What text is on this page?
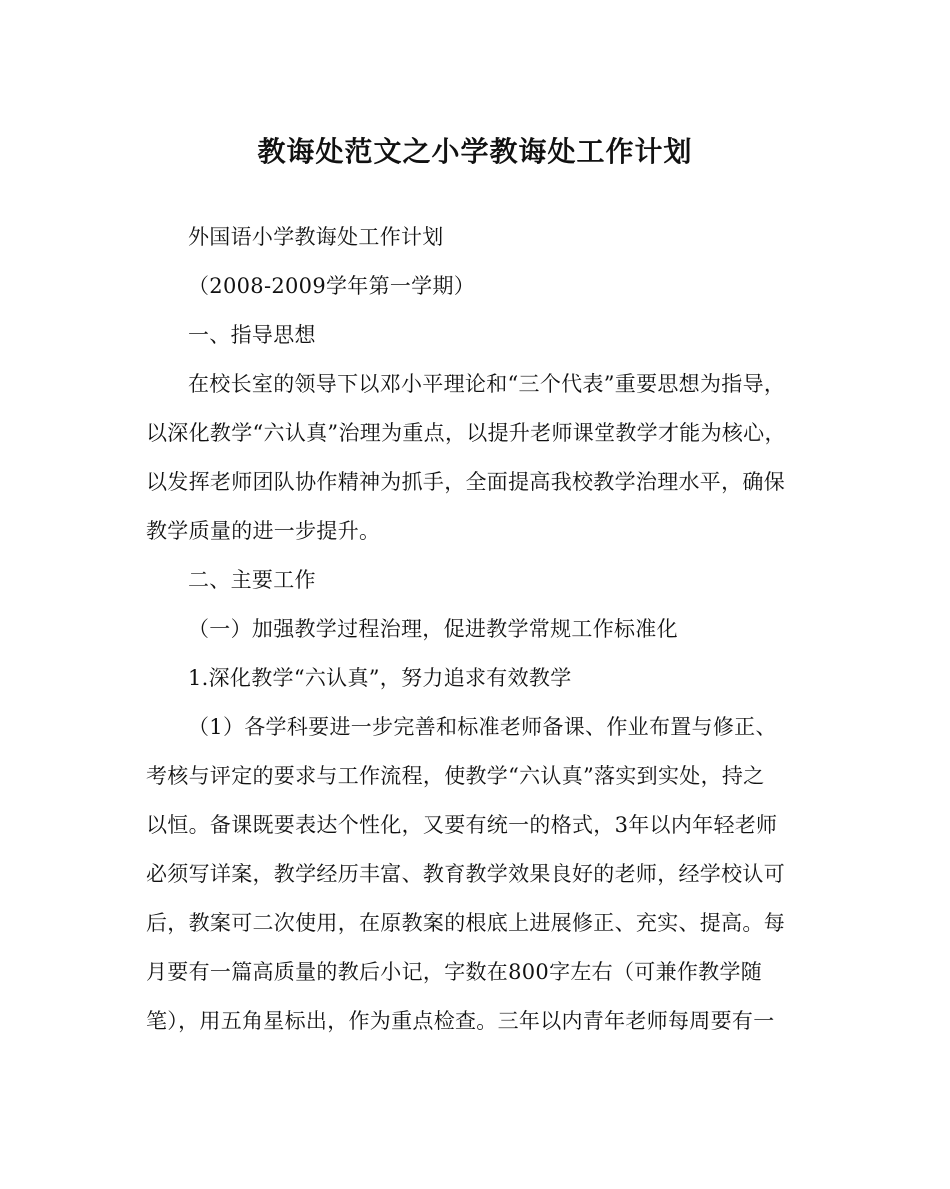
教诲处范文之小学教诲处工作计划
外国语小学教诲处工作计划
（2008-2009学年第一学期）
一、指导思想
在校长室的领导下以邓小平理论和“三个代表”重要思想为指导，
以深化教学“六认真”治理为重点，以提升老师课堂教学才能为核心，
以发挥老师团队协作精神为抓手，全面提高我校教学治理水平，确保
教学质量的进一步提升。
二、主要工作
（一）加强教学过程治理，促进教学常规工作标准化
1.深化教学“六认真”，努力追求有效教学
（1）各学科要进一步完善和标准老师备课、作业布置与修正、
考核与评定的要求与工作流程，使教学“六认真”落实到实处，持之
以恒。备课既要表达个性化，又要有统一的格式，3年以内年轻老师
必须写详案，教学经历丰富、教育教学效果良好的老师，经学校认可
后，教案可二次使用，在原教案的根底上进展修正、充实、提高。每
月要有一篇高质量的教后小记，字数在800字左右（可兼作教学随
笔），用五角星标出，作为重点检查。三年以内青年老师每周要有一
